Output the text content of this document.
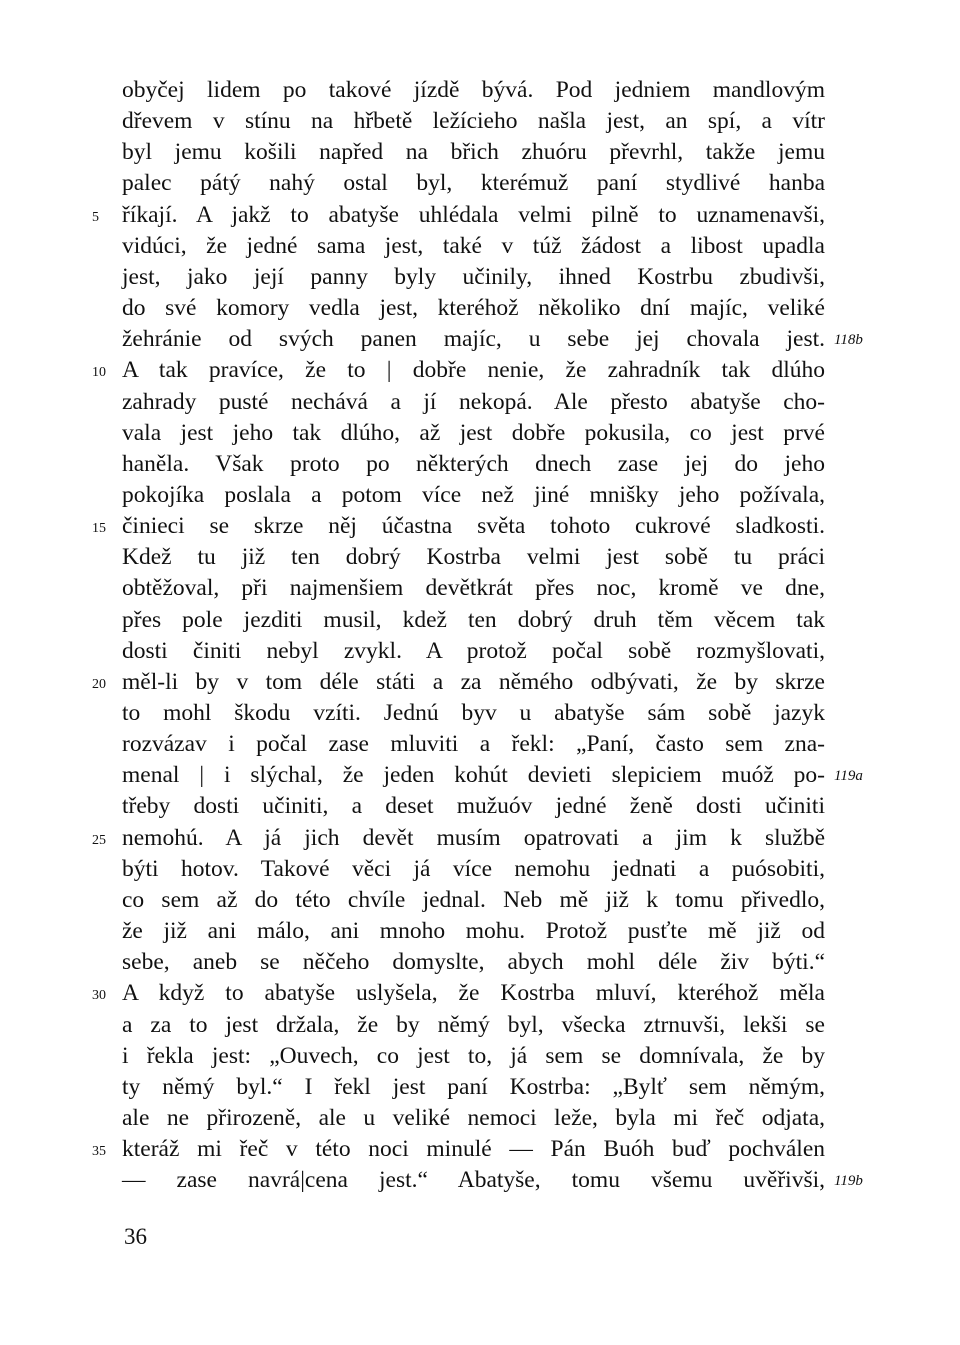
obyčej lidem po takové jízdě bývá. Pod jedniem mandlovým
dřevem v stínu na hřbetě ležícieho našla jest, an spí, a vítr
byl jemu košili napřed na břich zhuóru převrhl, takže jemu
palec pátý nahý ostal byl, kterémuž paní stydlivé hanba
říkají. A jakž to abatyše uhlédala velmi pilně to uznamenavši,
vidúci, že jedné sama jest, také v túž žádost a libost upadla
jest, jako její panny byly učinily, ihned Kostrbu zbudivši,
do své komory vedla jest, kteréhož několiko dní majíc, veliké
žehránie od svých panen majíc, u sebe jej chovala jest.
A tak pravíce, že to | dobře nenie, že zahradník tak dlúho
zahrady pusté nechává a jí nekopá. Ale přesto abatyše cho-
vala jest jeho tak dlúho, až jest dobře pokusila, co jest prvé
haněla. Však proto po některých dnech zase jej do jeho
pokojíka poslala a potom více než jiné mnišky jeho požívala,
činieci se skrze něj účastna světa tohoto cukrové sladkosti.
Kdež tu již ten dobrý Kostrba velmi jest sobě tu práci
obtěžoval, při najmenšiem devětkrát přes noc, kromě ve dne,
přes pole jezditi musil, kdež ten dobrý druh těm věcem tak
dosti činiti nebyl zvykl. A protož počal sobě rozmyšlovati,
měl-li by v tom déle státi a za němého odbývati, že by skrze
to mohl škodu vzíti. Jednú byv u abatyše sám sobě jazyk
rozvázav i počal zase mluviti a řekl: „Paní, často sem zna-
menal | i slýchal, že jeden kohút devieti slepiciem muóž po-
třeby dosti učiniti, a deset mužuóv jedné ženě dosti učiniti
nemohú. A já jich devět musím opatrovati a jim k službě
býti hotov. Takové věci já více nemohu jednati a puósobiti,
co sem až do této chvíle jednal. Neb mě již k tomu přivedlo,
že již ani málo, ani mnoho mohu. Protož pusťte mě již od
sebe, aneb se něčeho domyslte, abych mohl déle živ býti.“
A když to abatyše uslyšela, že Kostrba mluví, kteréhož měla
a za to jest držala, že by němý byl, všecka ztrnuvši, lekši se
i řekla jest: „Ouvech, co jest to, já sem se domnívala, že by
ty němý byl.“ I řekl jest paní Kostrba: „Bylť sem němým,
ale ne přirozeně, ale u veliké nemoci leže, byla mi řeč odjata,
kteráž mi řeč v této noci minulé — Pán Buóh buď pochválen
— zase navrá|cena jest.“ Abatyše, tomu všemu uvěřivši,
5
10
15
20
25
30
35
118b
119a
119b
36
